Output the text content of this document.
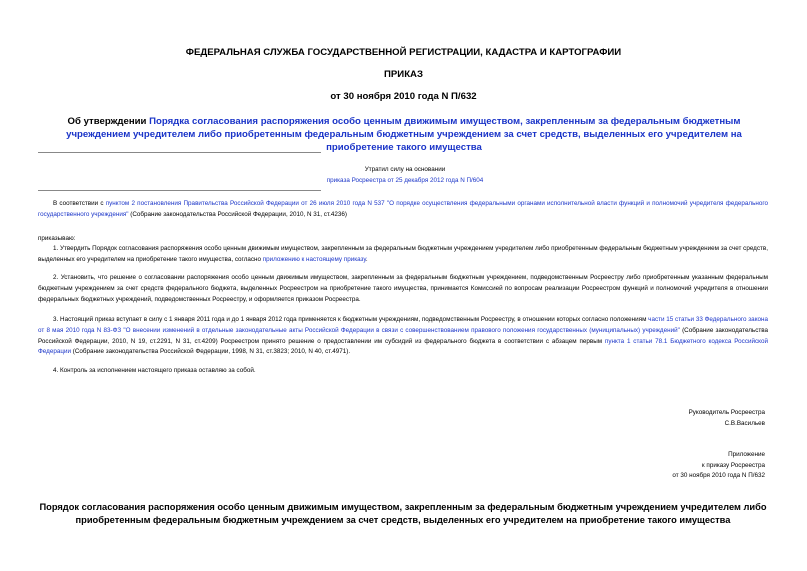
ФЕДЕРАЛЬНАЯ СЛУЖБА ГОСУДАРСТВЕННОЙ РЕГИСТРАЦИИ, КАДАСТРА И КАРТОГРАФИИ
ПРИКАЗ
от 30 ноября 2010 года N П/632
Об утверждении Порядка согласования распоряжения особо ценным движимым имуществом, закрепленным за федеральным бюджетным учреждением учредителем либо приобретенным федеральным бюджетным учреждением за счет средств, выделенных его учредителем на приобретение такого имущества
Утратил силу на основании
приказа Росреестра от 25 декабря 2012 года N П/604
В соответствии с пунктом 2 постановления Правительства Российской Федерации от 26 июля 2010 года N 537 "О порядке осуществления федеральными органами исполнительной власти функций и полномочий учредителя федерального государственного учреждения" (Собрание законодательства Российской Федерации, 2010, N 31, ст.4236)
приказываю:
1. Утвердить Порядок согласования распоряжения особо ценным движимым имуществом, закрепленным за федеральным бюджетным учреждением учредителем либо приобретенным федеральным бюджетным учреждением за счет средств, выделенных его учредителем на приобретение такого имущества, согласно приложению к настоящему приказу.
2. Установить, что решение о согласовании распоряжения особо ценным движимым имуществом, закрепленным за федеральным бюджетным учреждением, подведомственным Росреестру либо приобретенным указанным федеральным бюджетным учреждением за счет средств федерального бюджета, выделенных Росреестром на приобретение такого имущества, принимается Комиссией по вопросам реализации Росреестром функций и полномочий учредителя в отношении федеральных бюджетных учреждений, подведомственных Росреестру, и оформляется приказом Росреестра.
3. Настоящий приказ вступает в силу с 1 января 2011 года и до 1 января 2012 года применяется к бюджетным учреждениям, подведомственным Росреестру, в отношении которых согласно положениям части 15 статьи 33 Федерального закона от 8 мая 2010 года N 83-ФЗ "О внесении изменений в отдельные законодательные акты Российской Федерации в связи с совершенствованием правового положения государственных (муниципальных) учреждений" (Собрание законодательства Российской Федерации, 2010, N 19, ст.2291, N 31, ст.4209) Росреестром принято решение о предоставлении им субсидий из федерального бюджета в соответствии с абзацем первым пункта 1 статьи 78.1 Бюджетного кодекса Российской Федерации (Собрание законодательства Российской Федерации, 1998, N 31, ст.3823; 2010, N 40, ст.4971).
4. Контроль за исполнением настоящего приказа оставляю за собой.
Руководитель Росреестра
С.В.Васильев
Приложение
к приказу Росреестра
от 30 ноября 2010 года N П/632
Порядок согласования распоряжения особо ценным движимым имуществом, закрепленным за федеральным бюджетным учреждением учредителем либо приобретенным федеральным бюджетным учреждением за счет средств, выделенных его учредителем на приобретение такого имущества
